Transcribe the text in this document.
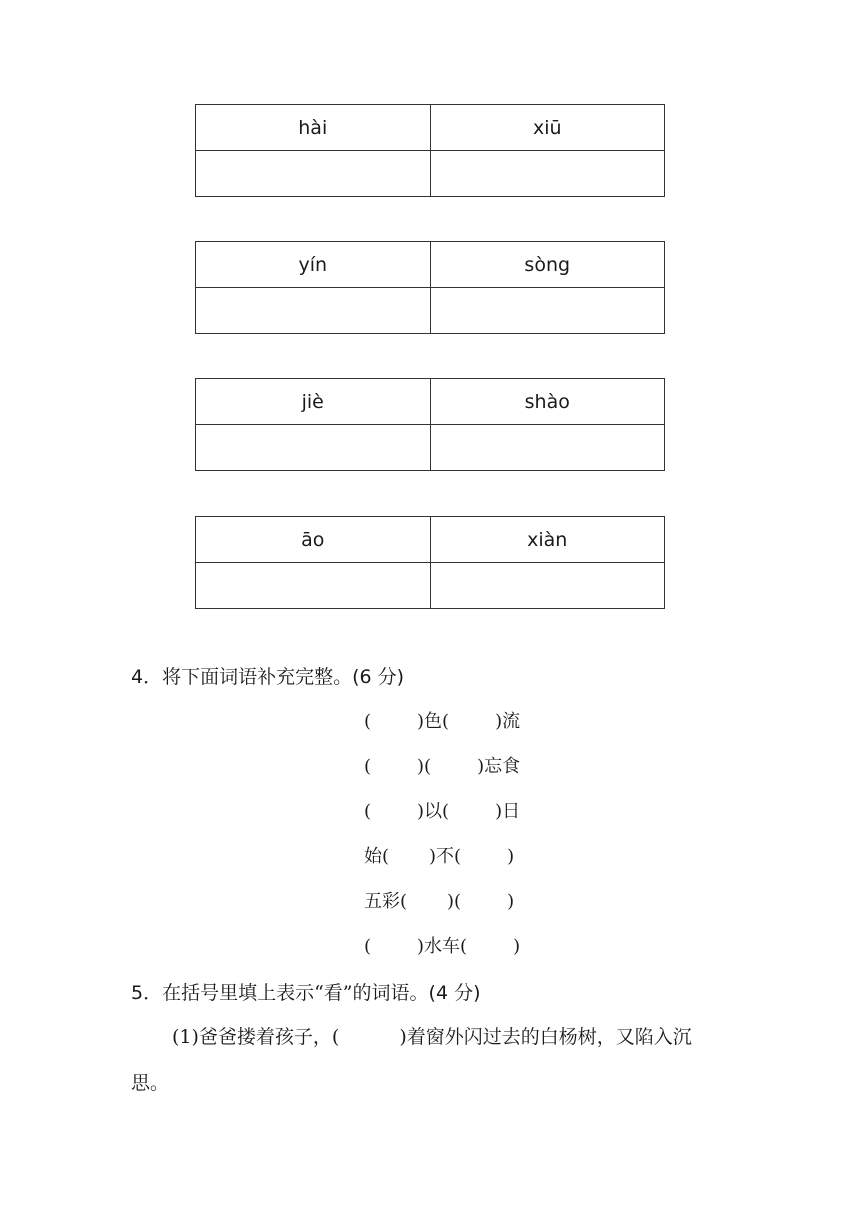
hài	xiū

yín	sòng

jiè	shào

āo	xiàn

4．将下面词语补充完整。(6 分)
(	)色(	)流
(	)(	)忘食
(	)以(	)日
始( )不(	)
五彩( )(	)
(	)水车(	)
5．在括号里填上表示“看”的词语。(4 分)
(1)爸爸搂着孩子，(	)着窗外闪过去的白杨树，又陷入沉
思。
